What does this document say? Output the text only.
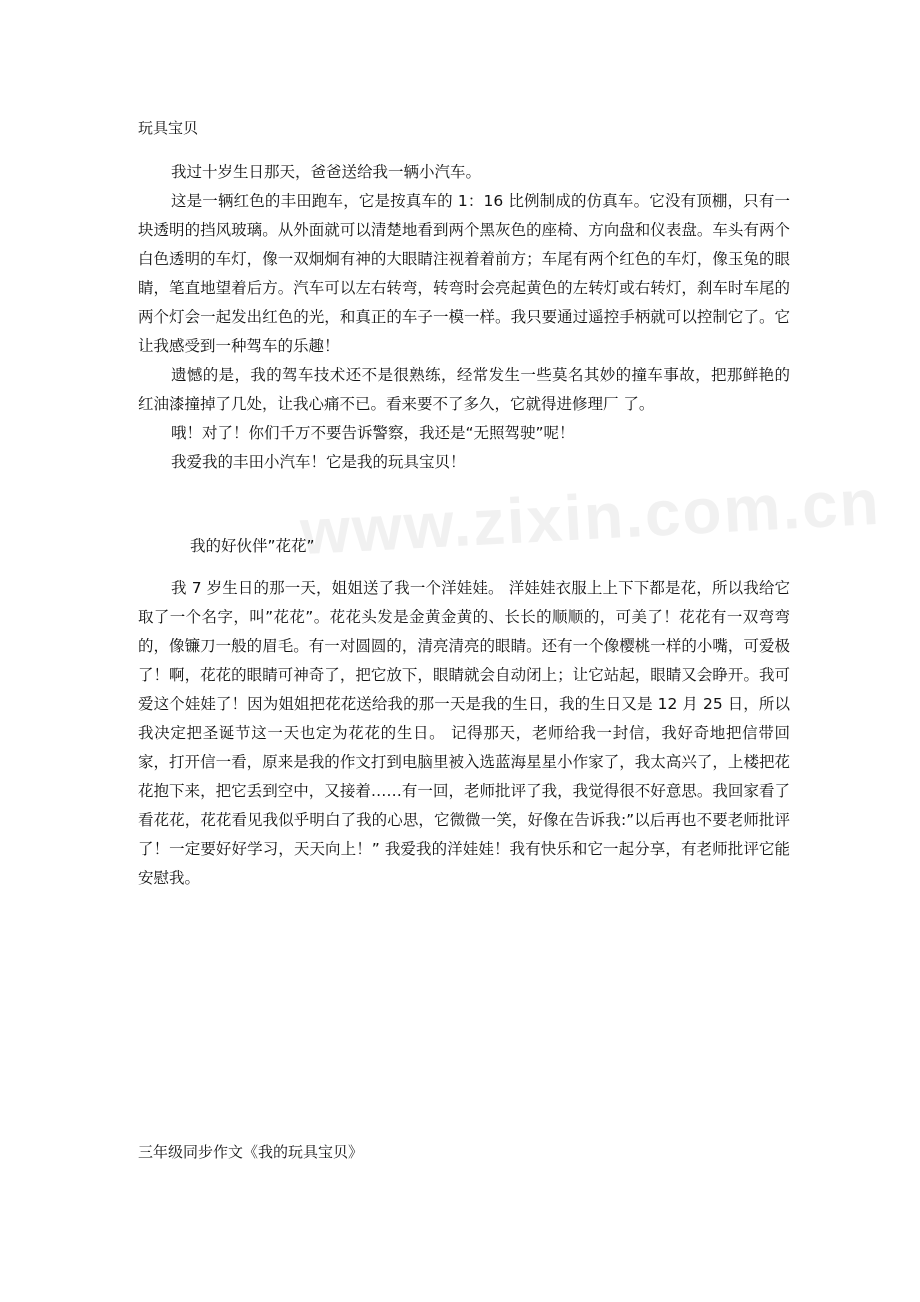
www.zixin.com.cn
玩具宝贝

我过十岁生日那天，爸爸送给我一辆小汽车。

这是一辆红色的丰田跑车，它是按真车的 1：16 比例制成的仿真车。它没有顶棚，只有一块透明的挡风玻璃。从外面就可以清楚地看到两个黑灰色的座椅、方向盘和仪表盘。车头有两个白色透明的车灯，像一双炯炯有神的大眼睛注视着着前方；车尾有两个红色的车灯，像玉兔的眼睛，笔直地望着后方。汽车可以左右转弯，转弯时会亮起黄色的左转灯或右转灯，刹车时车尾的两个灯会一起发出红色的光，和真正的车子一模一样。我只要通过遥控手柄就可以控制它了。它让我感受到一种驾车的乐趣！

遗憾的是，我的驾车技术还不是很熟练，经常发生一些莫名其妙的撞车事故，把那鲜艳的红油漆撞掉了几处，让我心痛不已。看来要不了多久，它就得进修理厂 了。

哦！对了！你们千万不要告诉警察，我还是“无照驾驶”呢！

我爱我的丰田小汽车！它是我的玩具宝贝！

我的好伙伴”花花”

我 7 岁生日的那一天，姐姐送了我一个洋娃娃。 洋娃娃衣服上上下下都是花，所以我给它取了一个名字，叫”花花”。花花头发是金黄金黄的、长长的顺顺的，可美了！花花有一双弯弯的，像镰刀一般的眉毛。有一对圆圆的，清亮清亮的眼睛。还有一个像樱桃一样的小嘴，可爱极了！啊，花花的眼睛可神奇了，把它放下，眼睛就会自动闭上；让它站起，眼睛又会睁开。我可爱这个娃娃了！因为姐姐把花花送给我的那一天是我的生日，我的生日又是 12 月 25 日，所以我决定把圣诞节这一天也定为花花的生日。 记得那天，老师给我一封信，我好奇地把信带回家，打开信一看，原来是我的作文打到电脑里被入选蓝海星星小作家了，我太高兴了，上楼把花花抱下来，把它丢到空中，又接着……有一回，老师批评了我，我觉得很不好意思。我回家看了看花花，花花看见我似乎明白了我的心思，它微微一笑，好像在告诉我:”以后再也不要老师批评了！一定要好好学习，天天向上！” 我爱我的洋娃娃！我有快乐和它一起分享，有老师批评它能安慰我。

三年级同步作文《我的玩具宝贝》
